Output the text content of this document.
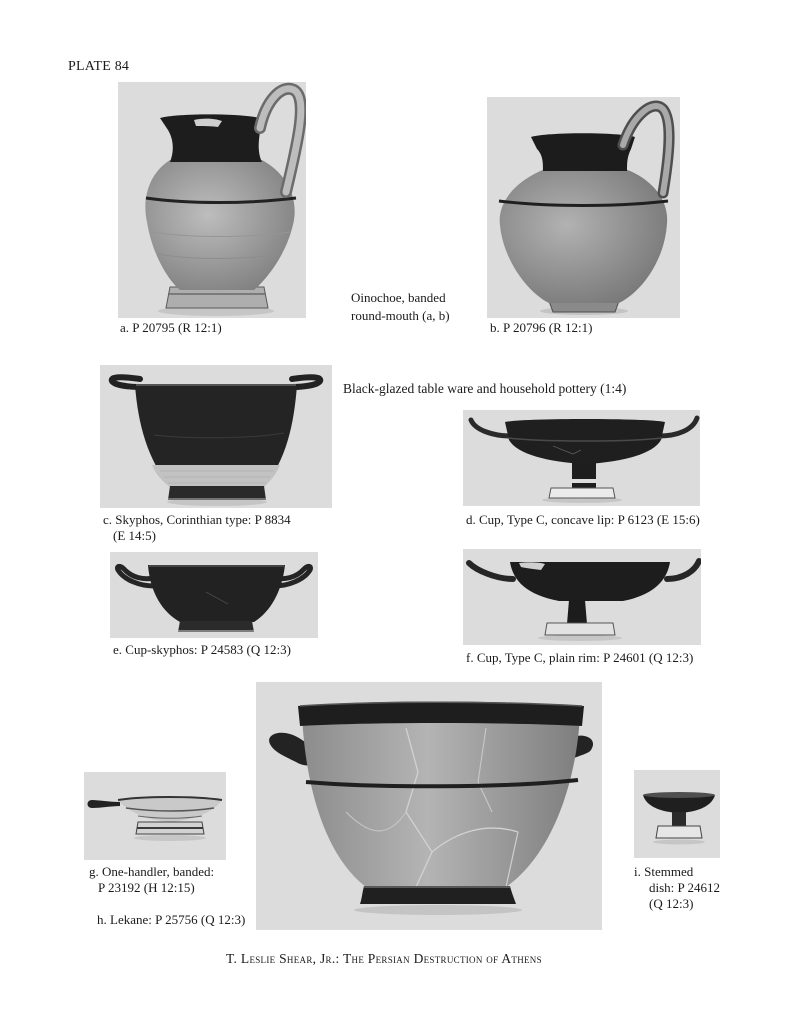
PLATE 84
a. P 20795 (R 12:1)
Oinochoe, banded
round-mouth (a, b)
b. P 20796 (R 12:1)
Black-glazed table ware and household pottery (1:4)
c. Skyphos, Corinthian type: P 8834
(E 14:5)
d. Cup, Type C, concave lip: P 6123 (E 15:6)
e. Cup-skyphos: P 24583 (Q 12:3)
f. Cup, Type C, plain rim: P 24601 (Q 12:3)
g. One-handler, banded:
P 23192 (H 12:15)
i. Stemmed
dish: P 24612
(Q 12:3)
h. Lekane: P 25756 (Q 12:3)
T. Leslie Shear, Jr.: The Persian Destruction of Athens
